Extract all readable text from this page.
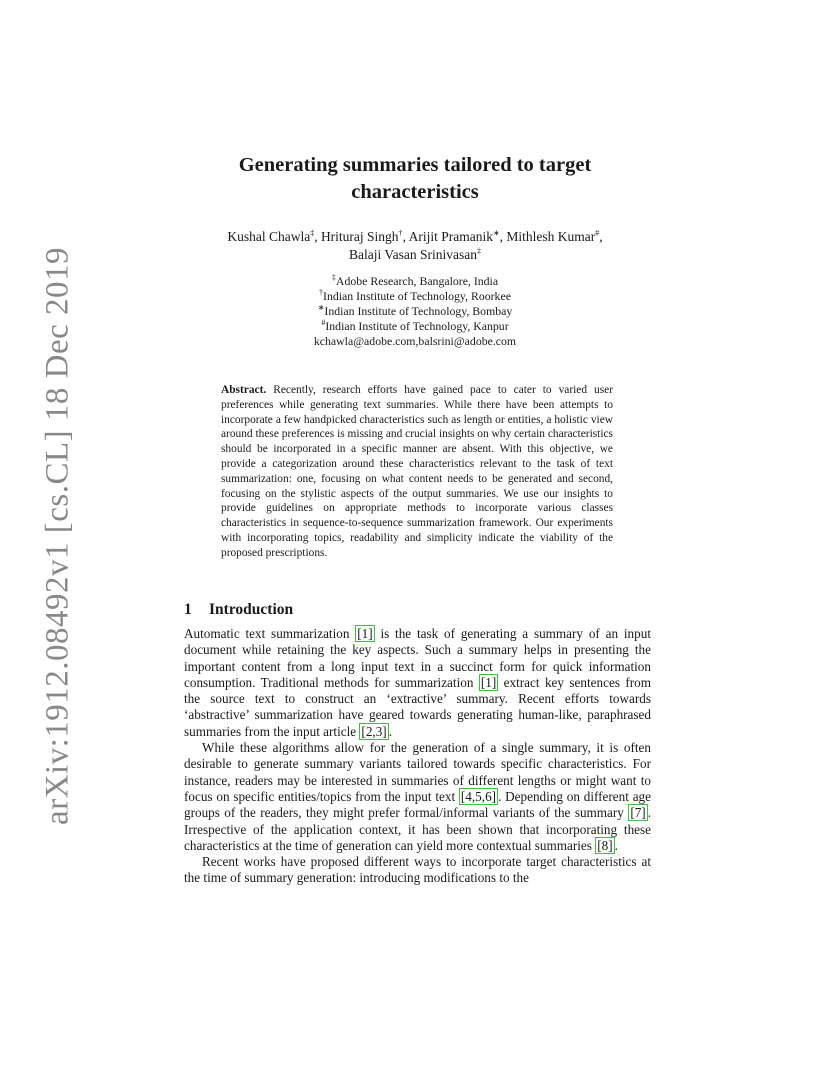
arXiv:1912.08492v1 [cs.CL] 18 Dec 2019
Generating summaries tailored to target
characteristics
Kushal Chawla‡, Hrituraj Singh†, Arijit Pramanik∗, Mithlesh Kumar#,
Balaji Vasan Srinivasan‡
‡Adobe Research, Bangalore, India
†Indian Institute of Technology, Roorkee
∗Indian Institute of Technology, Bombay
#Indian Institute of Technology, Kanpur
kchawla@adobe.com,balsrini@adobe.com
Abstract. Recently, research efforts have gained pace to cater to varied user preferences while generating text summaries. While there have been attempts to incorporate a few handpicked characteristics such as length or entities, a holistic view around these preferences is missing and crucial insights on why certain characteristics should be incorporated in a specific manner are absent. With this objective, we provide a categorization around these characteristics relevant to the task of text summarization: one, focusing on what content needs to be generated and second, focusing on the stylistic aspects of the output summaries. We use our insights to provide guidelines on appropriate methods to incorporate various classes characteristics in sequence-to-sequence summarization framework. Our experiments with incorporating topics, readability and simplicity indicate the viability of the proposed prescriptions.
1 Introduction

Automatic text summarization [1] is the task of generating a summary of an input document while retaining the key aspects. Such a summary helps in presenting the important content from a long input text in a succinct form for quick information consumption. Traditional methods for summarization [1] extract key sentences from the source text to construct an ‘extractive’ summary. Recent efforts towards ‘abstractive’ summarization have geared towards generating human-like, paraphrased summaries from the input article [2,3] .

While these algorithms allow for the generation of a single summary, it is often desirable to generate summary variants tailored towards specific characteristics. For instance, readers may be interested in summaries of different lengths or might want to focus on specific entities/topics from the input text [4,5,6] . Depending on different age groups of the readers, they might prefer formal/informal variants of the summary [7] . Irrespective of the application context, it has been shown that incorporating these characteristics at the time of generation can yield more contextual summaries [8] .

Recent works have proposed different ways to incorporate target characteristics at the time of summary generation: introducing modifications to the
